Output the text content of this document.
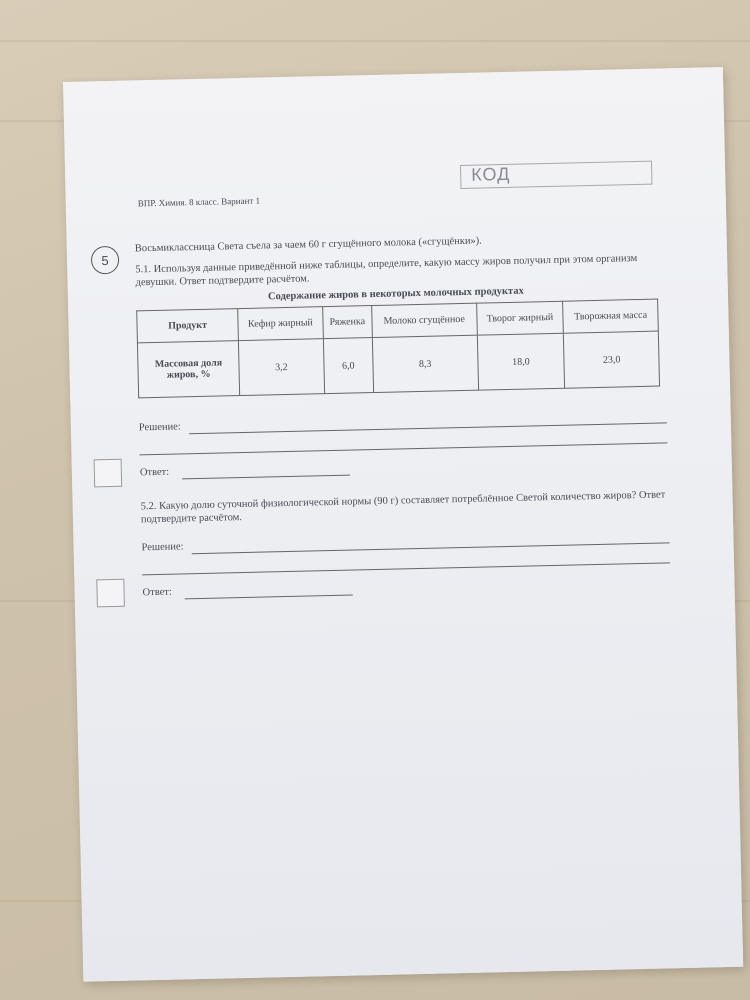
ВПР. Химия. 8 класс. Вариант 1
КОД
5
Восьмиклассница Света съела за чаем 60 г сгущённого молока («сгущёнки»).
5.1. Используя данные приведённой ниже таблицы, определите, какую массу жиров получил при этом организм девушки. Ответ подтвердите расчётом.
Содержание жиров в некоторых молочных продуктах
Продукт	Кефир жирный	Ряженка	Молоко сгущённое	Творог жирный	Творожная масса
Массовая доля жиров, %	3,2	6,0	8,3	18,0	23,0
Решение:
Ответ:
5.2. Какую долю суточной физиологической нормы (90 г) составляет потреблённое Светой количество жиров? Ответ подтвердите расчётом.
Решение:
Ответ:
